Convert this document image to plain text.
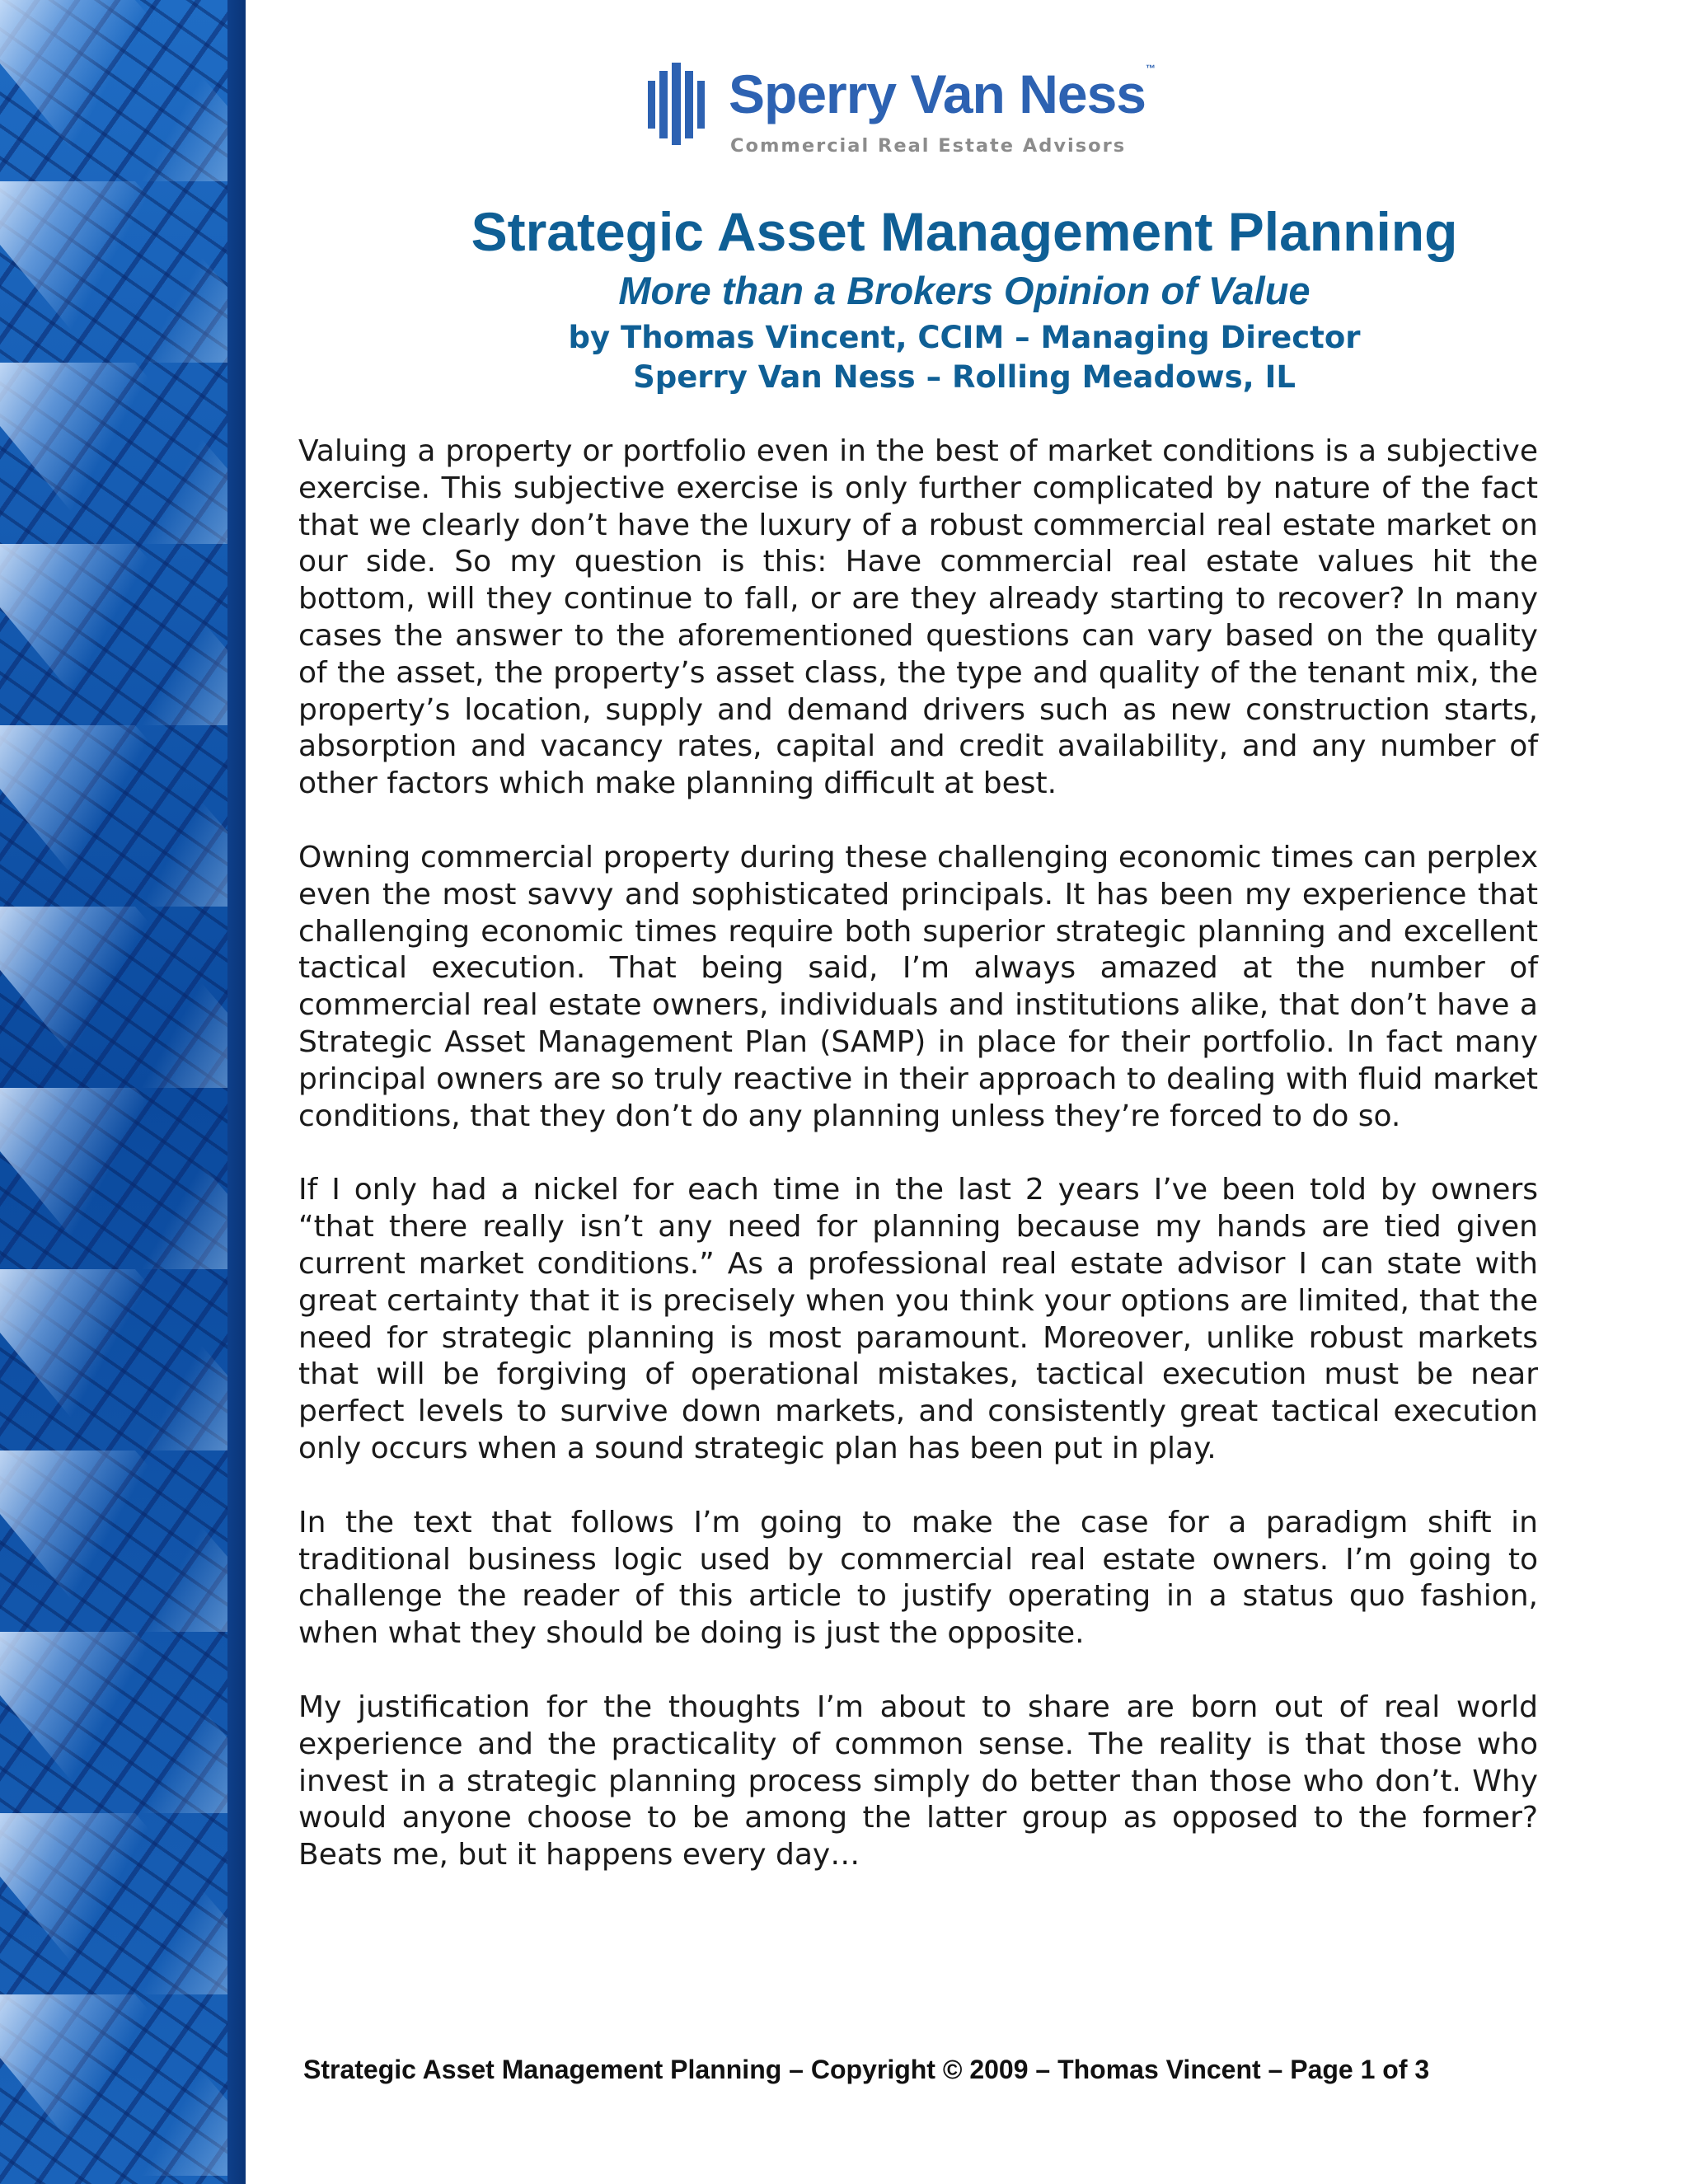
Sperry Van Ness™
Commercial Real Estate Advisors
Strategic Asset Management Planning
More than a Brokers Opinion of Value
by Thomas Vincent, CCIM – Managing Director
Sperry Van Ness – Rolling Meadows, IL

Valuing a property or portfolio even in the best of market conditions is a subjective exercise. This subjective exercise is only further complicated by nature of the fact that we clearly don’t have the luxury of a robust commercial real estate market on our side. So my question is this: Have commercial real estate values hit the bottom, will they continue to fall, or are they already starting to recover? In many cases the answer to the aforementioned questions can vary based on the quality of the asset, the property’s asset class, the type and quality of the tenant mix, the property’s location, supply and demand drivers such as new construction starts, absorption and vacancy rates, capital and credit availability, and any number of other factors which make planning difficult at best.

Owning commercial property during these challenging economic times can perplex even the most savvy and sophisticated principals. It has been my experience that challenging economic times require both superior strategic planning and excellent tactical execution. That being said, I’m always amazed at the number of commercial real estate owners, individuals and institutions alike, that don’t have a Strategic Asset Management Plan (SAMP) in place for their portfolio. In fact many principal owners are so truly reactive in their approach to dealing with fluid market conditions, that they don’t do any planning unless they’re forced to do so.

If I only had a nickel for each time in the last 2 years I’ve been told by owners “that there really isn’t any need for planning because my hands are tied given current market conditions.” As a professional real estate advisor I can state with great certainty that it is precisely when you think your options are limited, that the need for strategic planning is most paramount. Moreover, unlike robust markets that will be forgiving of operational mistakes, tactical execution must be near perfect levels to survive down markets, and consistently great tactical execution only occurs when a sound strategic plan has been put in play.

In the text that follows I’m going to make the case for a paradigm shift in traditional business logic used by commercial real estate owners. I’m going to challenge the reader of this article to justify operating in a status quo fashion, when what they should be doing is just the opposite.

My justification for the thoughts I’m about to share are born out of real world experience and the practicality of common sense. The reality is that those who invest in a strategic planning process simply do better than those who don’t. Why would anyone choose to be among the latter group as opposed to the former? Beats me, but it happens every day…

Strategic Asset Management Planning – Copyright © 2009 – Thomas Vincent – Page 1 of 3
